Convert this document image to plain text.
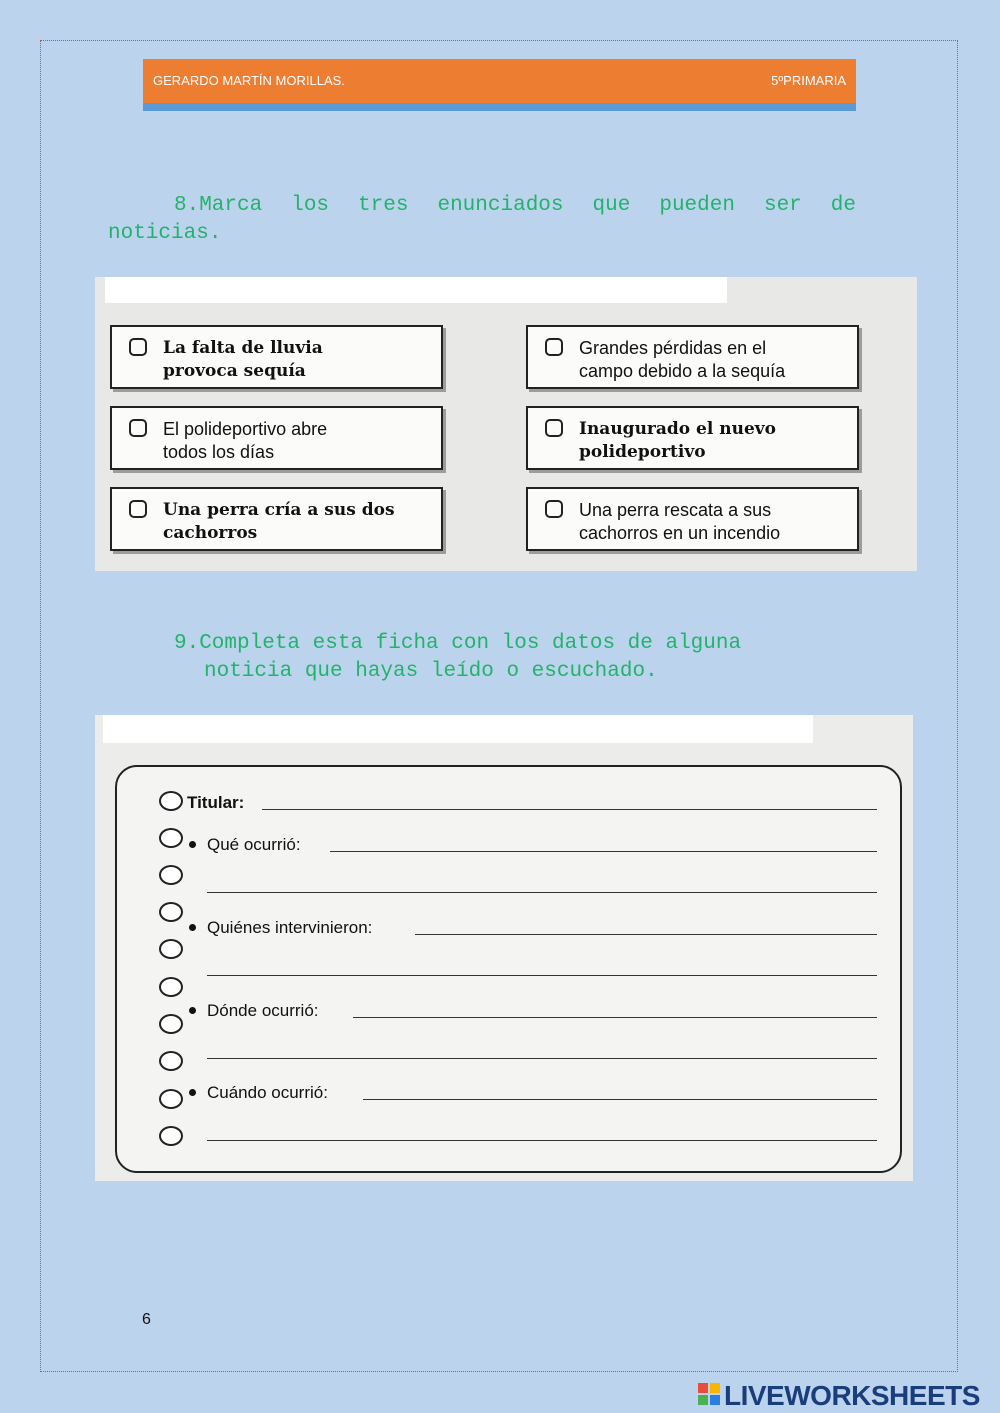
GERARDO MARTÍN MORILLAS.	5ºPRIMARIA
8.Marca los tres enunciados que pueden ser de noticias.
La falta de lluvia
provoca sequía
Grandes pérdidas en el
campo debido a la sequía
El polideportivo abre
todos los días
Inaugurado el nuevo
polideportivo
Una perra cría a sus dos
cachorros
Una perra rescata a sus
cachorros en un incendio
9.Completa esta ficha con los datos de alguna
noticia que hayas leído o escuchado.
Titular:
Qué ocurrió:
Quiénes intervinieron:
Dónde ocurrió:
Cuándo ocurrió:
6
LIVEWORKSHEETS
